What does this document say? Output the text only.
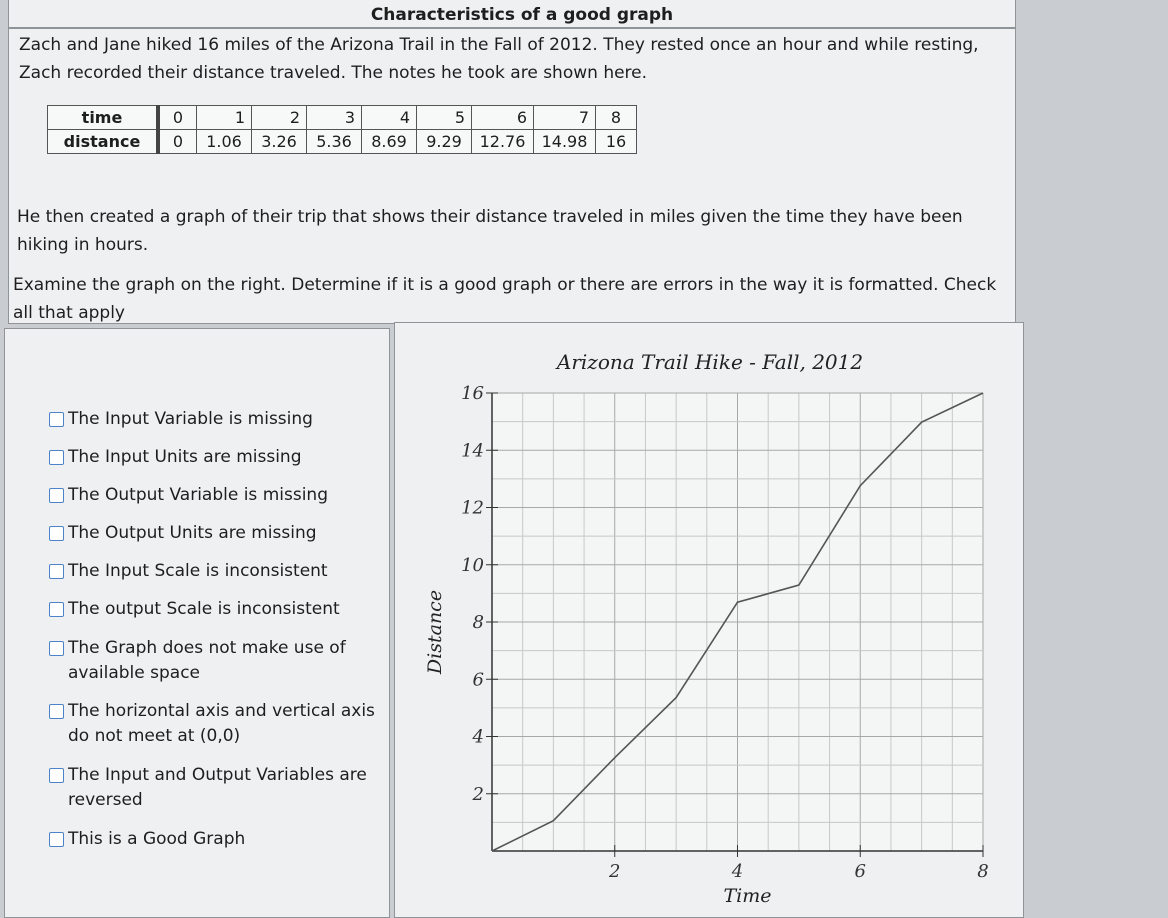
Characteristics of a good graph

Zach and Jane hiked 16 miles of the Arizona Trail in the Fall of 2012. They rested once an hour and while resting, Zach recorded their distance traveled. The notes he took are shown here.

time	0	1	2	3	4	5	6	7	8
distance	0	1.06	3.26	5.36	8.69	9.29	12.76	14.98	16

He then created a graph of their trip that shows their distance traveled in miles given the time they have been hiking in hours.

Examine the graph on the right. Determine if it is a good graph or there are errors in the way it is formatted. Check all that apply

The Input Variable is missing
The Input Units are missing
The Output Variable is missing
The Output Units are missing
The Input Scale is inconsistent
The output Scale is inconsistent
The Graph does not make use of available space
The horizontal axis and vertical axis do not meet at (0,0)
The Input and Output Variables are reversed
This is a Good Graph
2	4	6	8
2
4
6
8
10
12
14
16
Arizona Trail Hike - Fall, 2012
Time
Distance
